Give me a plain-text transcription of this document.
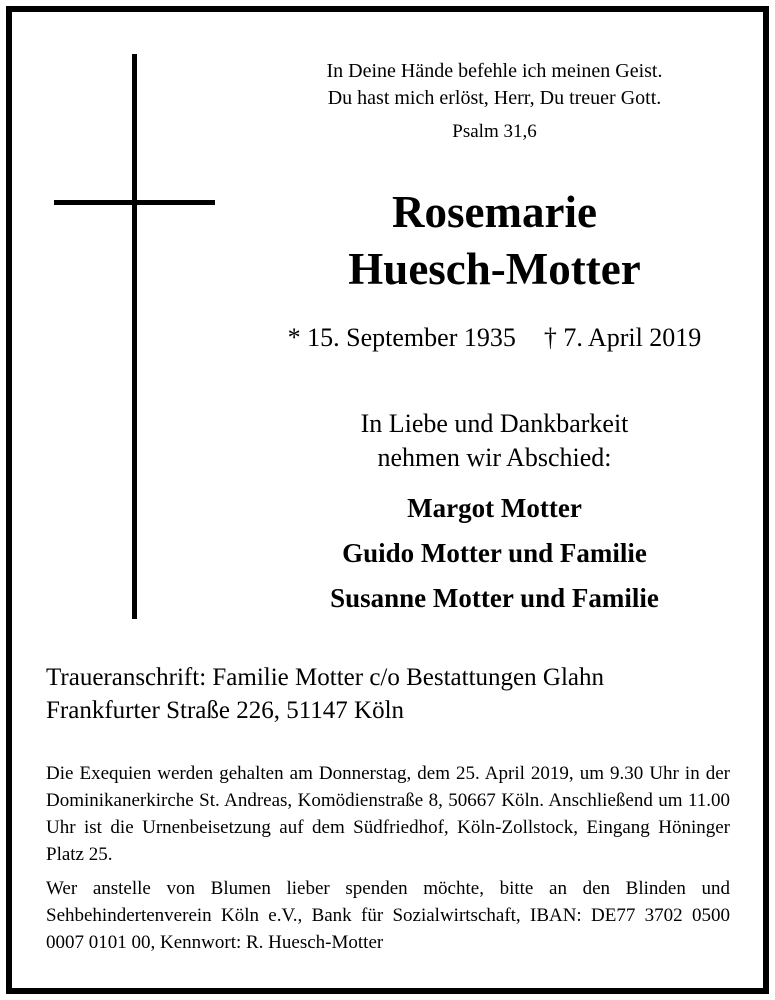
In Deine Hände befehle ich meinen Geist.
Du hast mich erlöst, Herr, Du treuer Gott.
Psalm 31,6
Rosemarie
Huesch-Motter
* 15. September 1935 † 7. April 2019
In Liebe und Dankbarkeit
nehmen wir Abschied:
Margot Motter
Guido Motter und Familie
Susanne Motter und Familie
Traueranschrift: Familie Motter c/o Bestattungen Glahn
Frankfurter Straße 226, 51147 Köln
Die Exequien werden gehalten am Donnerstag, dem 25. April 2019, um 9.30 Uhr in der Dominikanerkirche St. Andreas, Komödienstraße 8, 50667 Köln. Anschließend um 11.00 Uhr ist die Urnenbeisetzung auf dem Südfriedhof, Köln-Zollstock, Eingang Höninger Platz 25.
Wer anstelle von Blumen lieber spenden möchte, bitte an den Blinden und Sehbehindertenverein Köln e.V., Bank für Sozialwirtschaft, IBAN: DE77 3702 0500 0007 0101 00, Kennwort: R. Huesch-Motter
